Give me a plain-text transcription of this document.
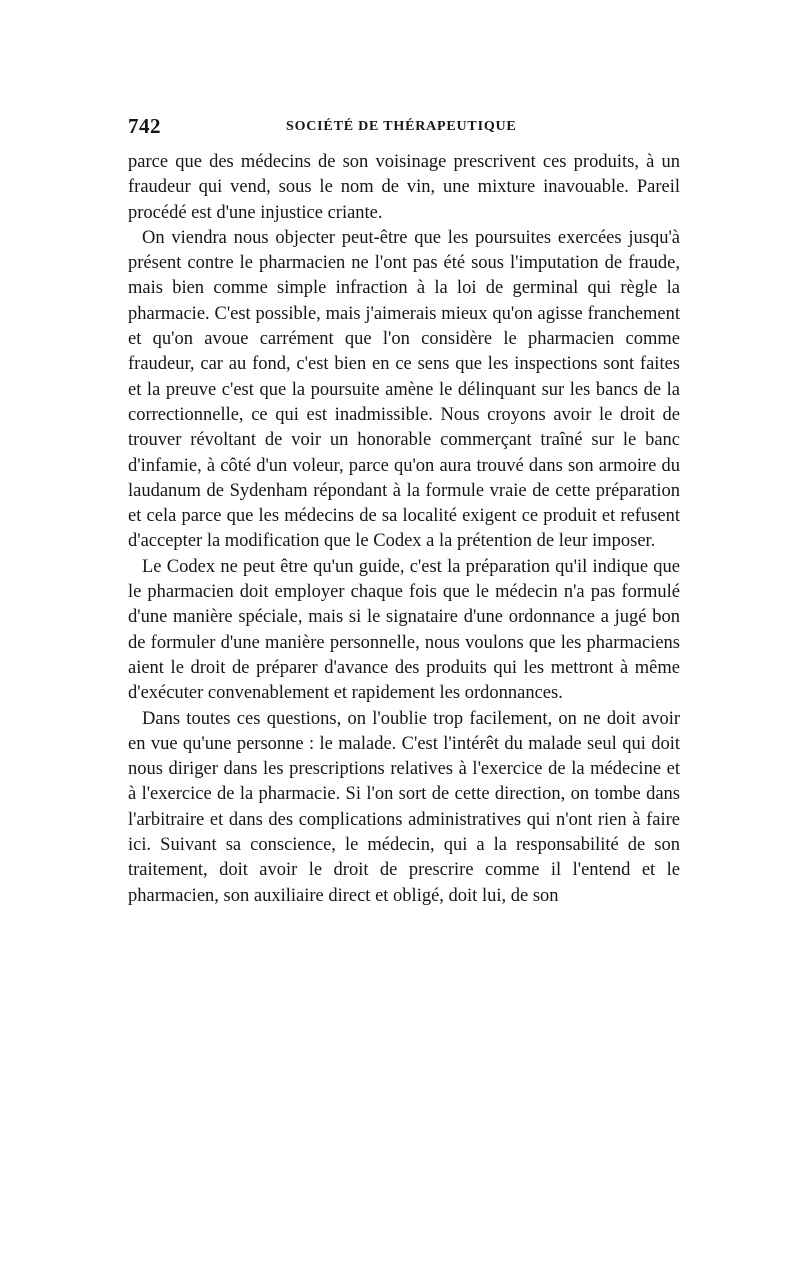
742	SOCIÉTÉ DE THÉRAPEUTIQUE

parce que des médecins de son voisinage prescrivent ces produits, à un fraudeur qui vend, sous le nom de vin, une mixture inavouable. Pareil procédé est d'une injustice criante.

On viendra nous objecter peut-être que les poursuites exercées jusqu'à présent contre le pharmacien ne l'ont pas été sous l'imputation de fraude, mais bien comme simple infraction à la loi de germinal qui règle la pharmacie. C'est possible, mais j'aimerais mieux qu'on agisse franchement et qu'on avoue carrément que l'on considère le pharmacien comme fraudeur, car au fond, c'est bien en ce sens que les inspections sont faites et la preuve c'est que la poursuite amène le délinquant sur les bancs de la correctionnelle, ce qui est inadmissible. Nous croyons avoir le droit de trouver révoltant de voir un honorable commerçant traîné sur le banc d'infamie, à côté d'un voleur, parce qu'on aura trouvé dans son armoire du laudanum de Sydenham répondant à la formule vraie de cette préparation et cela parce que les médecins de sa localité exigent ce produit et refusent d'accepter la modification que le Codex a la prétention de leur imposer.

Le Codex ne peut être qu'un guide, c'est la préparation qu'il indique que le pharmacien doit employer chaque fois que le médecin n'a pas formulé d'une manière spéciale, mais si le signataire d'une ordonnance a jugé bon de formuler d'une manière personnelle, nous voulons que les pharmaciens aient le droit de préparer d'avance des produits qui les mettront à même d'exécuter convenablement et rapidement les ordonnances.

Dans toutes ces questions, on l'oublie trop facilement, on ne doit avoir en vue qu'une personne : le malade. C'est l'intérêt du malade seul qui doit nous diriger dans les prescriptions relatives à l'exercice de la médecine et à l'exercice de la pharmacie. Si l'on sort de cette direction, on tombe dans l'arbitraire et dans des complications administratives qui n'ont rien à faire ici. Suivant sa conscience, le médecin, qui a la responsabilité de son traitement, doit avoir le droit de prescrire comme il l'entend et le pharmacien, son auxiliaire direct et obligé, doit lui, de son
